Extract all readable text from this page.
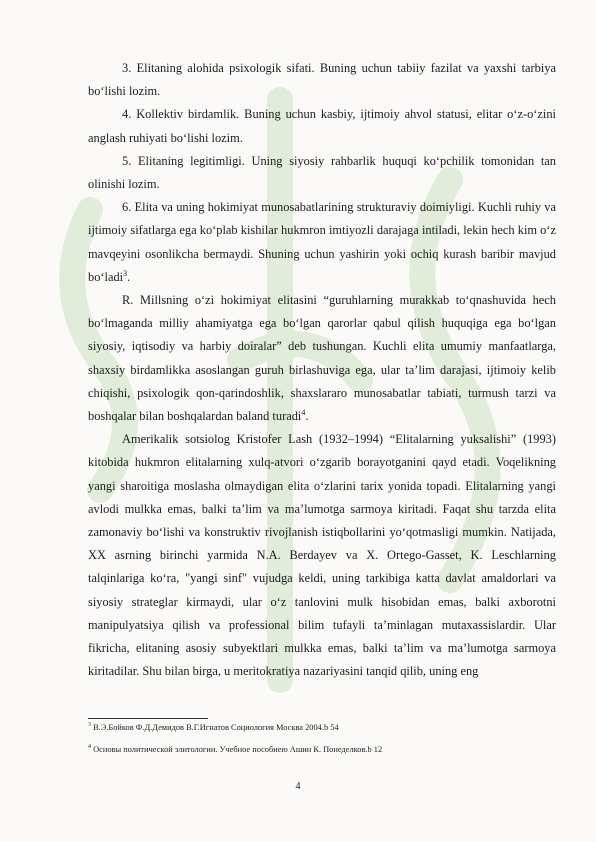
3. Elitaning alohida psixologik sifati. Buning uchun tabiiy fazilat va yaxshi tarbiya bo‘lishi lozim.

4. Kollektiv birdamlik. Buning uchun kasbiy, ijtimoiy ahvol statusi, elitar o‘z-o‘zini anglash ruhiyati bo‘lishi lozim.

5. Elitaning legitimligi. Uning siyosiy rahbarlik huquqi ko‘pchilik tomonidan tan olinishi lozim.

6. Elita va uning hokimiyat munosabatlarining strukturaviy doimiyligi. Kuchli ruhiy va ijtimoiy sifatlarga ega ko‘plab kishilar hukmron imtiyozli darajaga intiladi, lekin hech kim o‘z mavqeyini osonlikcha bermaydi. Shuning uchun yashirin yoki ochiq kurash baribir mavjud bo‘ladi$^3$.

R. Millsning o‘zi hokimiyat elitasini “guruhlarning murakkab to‘qnashuvida hech bo‘lmaganda milliy ahamiyatga ega bo‘lgan qarorlar qabul qilish huquqiga ega bo‘lgan siyosiy, iqtisodiy va harbiy doiralar” deb tushungan. Kuchli elita umumiy manfaatlarga, shaxsiy birdamlikka asoslangan guruh birlashuviga ega, ular ta’lim darajasi, ijtimoiy kelib chiqishi, psixologik qon-qarindoshlik, shaxslararo munosabatlar tabiati, turmush tarzi va boshqalar bilan boshqalardan baland turadi$^4$.

Amerikalik sotsiolog Kristofer Lash (1932–1994) “Elitalarning yuksalishi” (1993) kitobida hukmron elitalarning xulq-atvori o‘zgarib borayotganini qayd etadi. Voqelikning yangi sharoitiga moslasha olmaydigan elita o‘zlarini tarix yonida topadi. Elitalarning yangi avlodi mulkka emas, balki ta’lim va ma’lumotga sarmoya kiritadi. Faqat shu tarzda elita zamonaviy bo‘lishi va konstruktiv rivojlanish istiqbollarini yo‘qotmasligi mumkin. Natijada, XX asrning birinchi yarmida N.A. Berdayev va X. Ortego-Gasset, K. Leschlarning talqinlariga ko‘ra, "yangi sinf" vujudga keldi, uning tarkibiga katta davlat amaldorlari va siyosiy strateglar kirmaydi, ular o‘z tanlovini mulk hisobidan emas, balki axborotni manipulyatsiya qilish va professional bilim tufayli ta’minlagan mutaxassislardir. Ular fikricha, elitaning asosiy subyektlari mulkka emas, balki ta’lim va ma’lumotga sarmoya kiritadilar. Shu bilan birga, u meritokratiya nazariyasini tanqid qilib, uning eng

$^3$ В.Э.Бойков Ф.Д.Демидов В.Г.Игнатов Социология Москва 2004.b 54

$^4$ Основы политической элитологии. Учебное пособиею Ашин К. Понеделков.b 12

4
